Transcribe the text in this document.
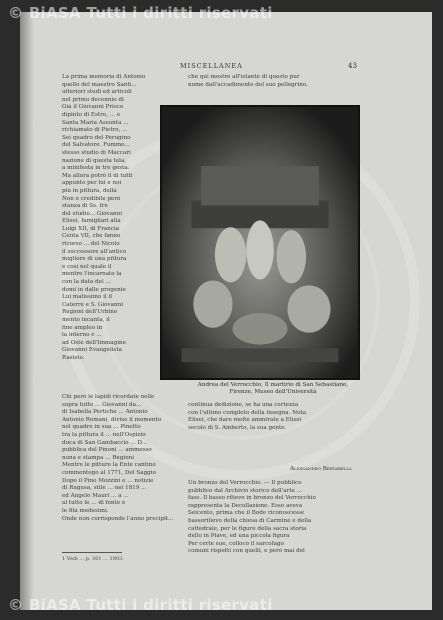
© BiASA Tutti i diritti riservati
MISCELLANEA	43
La prima memoria di Antonio
quello del maestro Santi...
ulteriori studi ed articoli
nel primo decennio di
Già il Giovanni Prisco
dipinto di Estro, ... e
Santa Maria Assunta ...
richiamato di Pietro, ...
Sei quadro del Perugino
del Salvatore. Fummo...
stesso studio di Maccari
nazione di questa tela,
a minifesta in tre gesta.
Ma allora potrò il di tutti
appunto per lui e noi
più in pittura, della
Non è credibile però
stanza di Ss. tre
del studio... Giovanni
Elisei, famigliari alla
Luigi XII, di Francia
Ceuta VII, che fanno
ricorso ... del Nicolo
il successore all'antico
migliore di una pittura
e così nel quale il
mentre l'incarnato la
con la data del ...
domi in dalle progenie
Lui malissimo il il
Caterre e S. Giovanni
Regioni dell'Urbino
mento incanta, il
fine ampleo in
la interno è ...
ad Oste dell'Immagine
Giovanni Evangelista
Rasisto.
che qui mostre all'istante di questo pur
nome dall'accadimento del suo pellegrino.
Andrea del Verrocchio, Il martirio di San Sebastiano, Firenze, Museo dell'Università
Chi però le lapidi ricordate nelle
sopra tutte ... Giovanni da...
di Isabella Pertiche ... Antonio
Antonio Romani, divise il momento
nel quadro in sua ... Pinetto
tra la pittura il ... nell'Ospizio
duca di San Gambaccio ... D...
pubblica del Pinoni ... ammesso
nona e stampa ... Regioni
Mentre le pitture la Ente cantino
commentogo al 1771, Del Saggio
Dopo il Pino Mozzini e ... notizie
di Ragusa, stile ... nei 1819 ...
ed Angelo Mauri ... a ...
al tutto le ... di fonte è
le fila medesimi.
Onde non corrisponde l'anno precipit...
continua dedizione, se ha una certezza
con l'ultimo completo della insegna. Nota
Elisei, che dare molte ammirate a Elisei
secolo di S. Amberto, la sua gente.
Alessandro Bertarelli.
Un bronzo del Verrocchio. — Il pubblico
pubblico dal Archivio storico dell'arte ...
fase. Il basso rilievo in bronzo del Verrocchio
rappresenta la Decollazione. Esso aveva
Seicento, prima che il Bode riconoscesse
bassorilievo della chiesa di Carmine e della
cattedrale, per le figure della sacra storia
dello in Piave, ed una piccola figura
Per certe sue, collocò il sarcofago
comuni rispetti con quelli, e però mai del
1 Vedi ... p. 301 ... 1903.
© BiASA Tutti i diritti riservati
